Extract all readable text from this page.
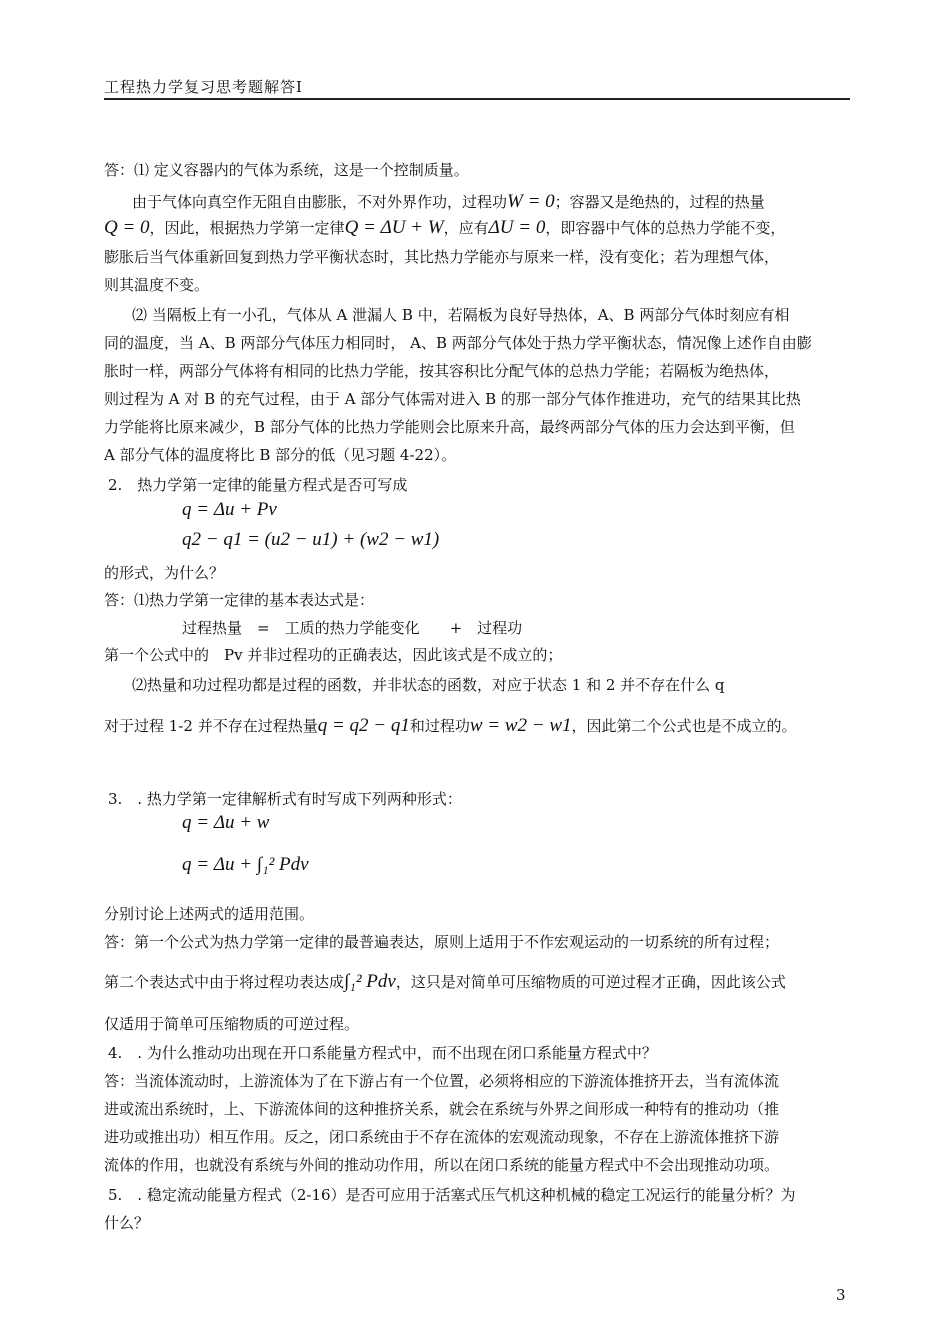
工程热力学复习思考题解答Ⅰ
答：⑴ 定义容器内的气体为系统，这是一个控制质量。
由于气体向真空作无阻自由膨胀，不对外界作功，过程功W = 0；容器又是绝热的，过程的热量
Q = 0，因此，根据热力学第一定律Q = ΔU + W，应有ΔU = 0，即容器中气体的总热力学能不变，
膨胀后当气体重新回复到热力学平衡状态时，其比热力学能亦与原来一样，没有变化；若为理想气体，
则其温度不变。
⑵ 当隔板上有一小孔，气体从 A 泄漏人 B 中，若隔板为良好导热体，A、B 两部分气体时刻应有相
同的温度，当 A、B 两部分气体压力相同时， A、B 两部分气体处于热力学平衡状态，情况像上述作自由膨
胀时一样，两部分气体将有相同的比热力学能，按其容积比分配气体的总热力学能；若隔板为绝热体，
则过程为 A 对 B 的充气过程，由于 A 部分气体需对进入 B 的那一部分气体作推进功，充气的结果其比热
力学能将比原来减少，B 部分气体的比热力学能则会比原来升高，最终两部分气体的压力会达到平衡，但
A 部分气体的温度将比 B 部分的低（见习题 4-22）。
2.　热力学第一定律的能量方程式是否可写成
q = Δu + Pv
q2 − q1 = (u2 − u1) + (w2 − w1)
的形式，为什么？
答：⑴热力学第一定律的基本表达式是：
过程热量　=　工质的热力学能变化　　+　过程功
第一个公式中的　Pv 并非过程功的正确表达，因此该式是不成立的；
⑵热量和功过程功都是过程的函数，并非状态的函数，对应于状态 1 和 2 并不存在什么 q
对于过程 1-2 并不存在过程热量q = q2 − q1和过程功w = w2 − w1，因此第二个公式也是不成立的。
3.　. 热力学第一定律解析式有时写成下列两种形式：
q = Δu + w
q = Δu + ∫₁² Pdv
分别讨论上述两式的适用范围。
答：第一个公式为热力学第一定律的最普遍表达，原则上适用于不作宏观运动的一切系统的所有过程；
第二个表达式中由于将过程功表达成∫₁² Pdv，这只是对简单可压缩物质的可逆过程才正确，因此该公式
仅适用于简单可压缩物质的可逆过程。
4.　. 为什么推动功出现在开口系能量方程式中，而不出现在闭口系能量方程式中？
答：当流体流动时，上游流体为了在下游占有一个位置，必须将相应的下游流体推挤开去，当有流体流
进或流出系统时，上、下游流体间的这种推挤关系，就会在系统与外界之间形成一种特有的推动功（推
进功或推出功）相互作用。反之，闭口系统由于不存在流体的宏观流动现象，不存在上游流体推挤下游
流体的作用，也就没有系统与外间的推动功作用，所以在闭口系统的能量方程式中不会出现推动功项。
5.　. 稳定流动能量方程式（2-16）是否可应用于活塞式压气机这种机械的稳定工况运行的能量分析？为
什么？
3
